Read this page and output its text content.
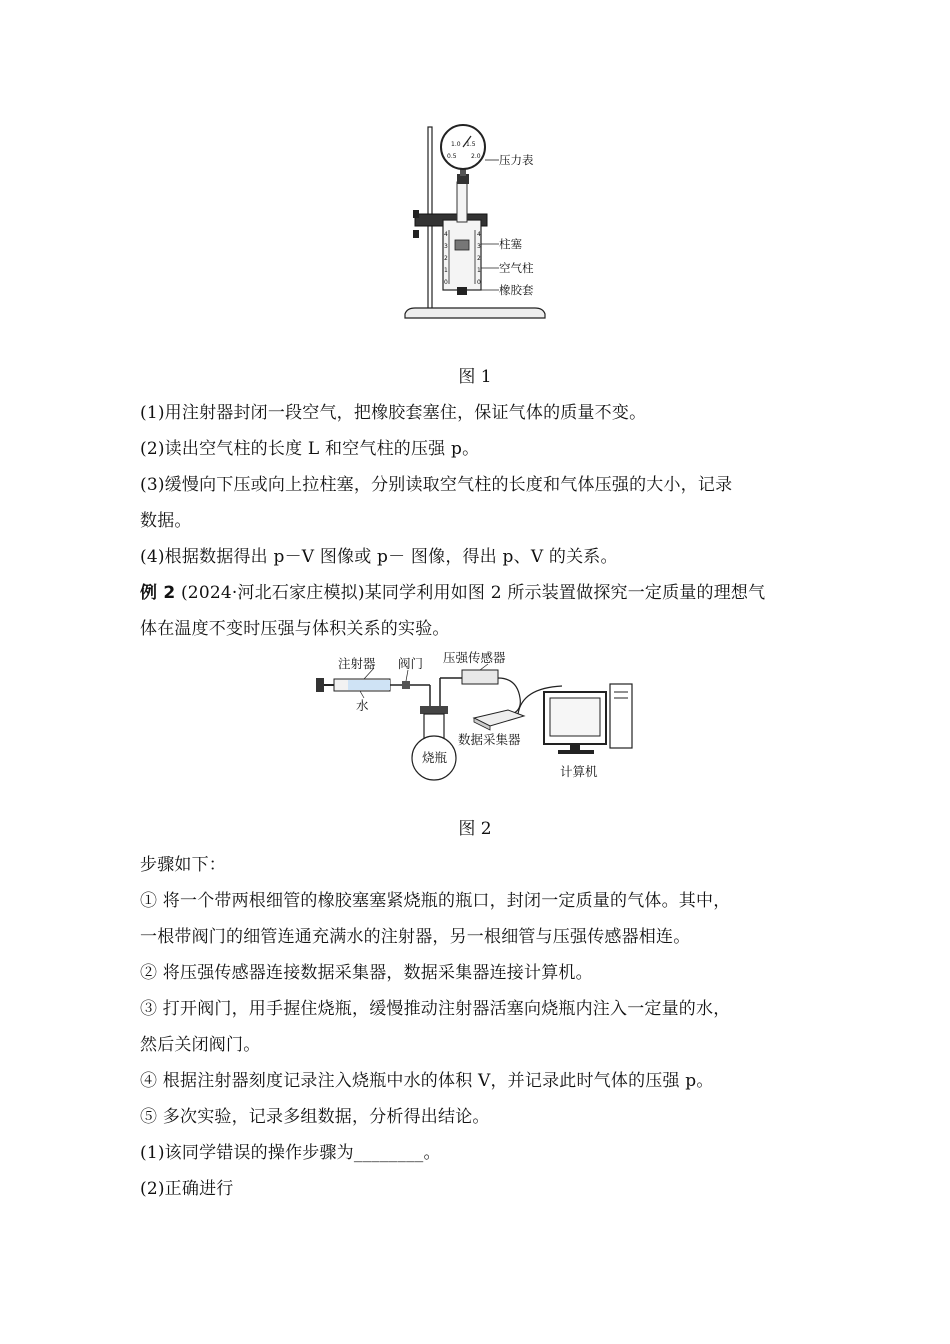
4
3
2
1
0
4
3
2
1
0
0.5
1.0 1.5
2.0 压力表
柱塞
空气柱
橡胶套
图 1
(1)用注射器封闭一段空气，把橡胶套塞住，保证气体的质量不变。
(2)读出空气柱的长度 L 和空气柱的压强 p。
(3)缓慢向下压或向上拉柱塞，分别读取空气柱的长度和气体压强的大小，记录
数据。
(4)根据数据得出 p－V 图像或 p－ 图像，得出 p、V 的关系。
例 2 (2024·河北石家庄模拟)某同学利用如图 2 所示装置做探究一定质量的理想气
体在温度不变时压强与体积关系的实验。
烧瓶
注射器 阀门 压强传感器
水
数据采集器
计算机
图 2
步骤如下：
① 将一个带两根细管的橡胶塞塞紧烧瓶的瓶口，封闭一定质量的气体。其中，
一根带阀门的细管连通充满水的注射器，另一根细管与压强传感器相连。
② 将压强传感器连接数据采集器，数据采集器连接计算机。
③ 打开阀门，用手握住烧瓶，缓慢推动注射器活塞向烧瓶内注入一定量的水，
然后关闭阀门。
④ 根据注射器刻度记录注入烧瓶中水的体积 V，并记录此时气体的压强 p。
⑤ 多次实验，记录多组数据，分析得出结论。
(1)该同学错误的操作步骤为________。
(2)正确进行
